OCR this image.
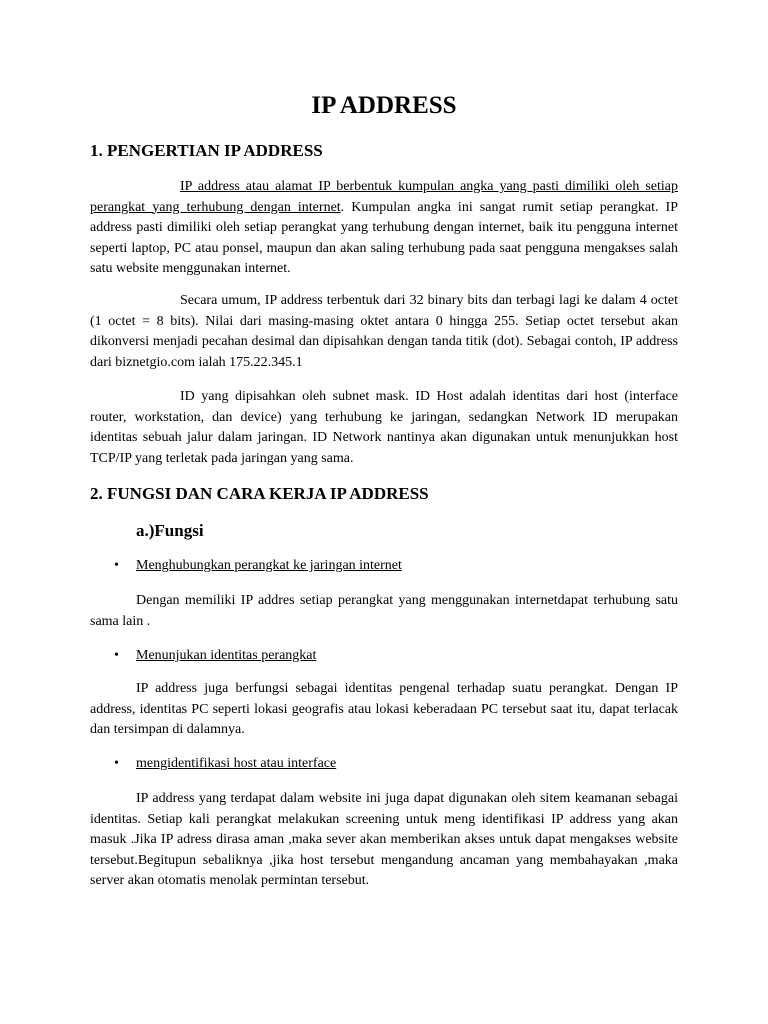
IP ADDRESS
1. PENGERTIAN IP ADDRESS

IP address atau alamat IP berbentuk kumpulan angka yang pasti dimiliki oleh setiap perangkat yang terhubung dengan internet. Kumpulan angka ini sangat rumit setiap perangkat. IP address pasti dimiliki oleh setiap perangkat yang terhubung dengan internet, baik itu pengguna internet seperti laptop, PC atau ponsel, maupun dan akan saling terhubung pada saat pengguna mengakses salah satu website menggunakan internet.

Secara umum, IP address terbentuk dari 32 binary bits dan terbagi lagi ke dalam 4 octet (1 octet = 8 bits). Nilai dari masing-masing oktet antara 0 hingga 255. Setiap octet tersebut akan dikonversi menjadi pecahan desimal dan dipisahkan dengan tanda titik (dot). Sebagai contoh, IP address dari biznetgio.com ialah 175.22.345.1

ID yang dipisahkan oleh subnet mask. ID Host adalah identitas dari host (interface router, workstation, dan device) yang terhubung ke jaringan, sedangkan Network ID merupakan identitas sebuah jalur dalam jaringan. ID Network nantinya akan digunakan untuk menunjukkan host TCP/IP yang terletak pada jaringan yang sama.

2. FUNGSI DAN CARA KERJA IP ADDRESS
a.)Fungsi
• Menghubungkan perangkat ke jaringan internet

Dengan memiliki IP addres setiap perangkat yang menggunakan internetdapat terhubung satu sama lain .

• Menunjukan identitas perangkat

IP address juga berfungsi sebagai identitas pengenal terhadap suatu perangkat. Dengan IP address, identitas PC seperti lokasi geografis atau lokasi keberadaan PC tersebut saat itu, dapat terlacak dan tersimpan di dalamnya.

• mengidentifikasi host atau interface

IP address yang terdapat dalam website ini juga dapat digunakan oleh sitem keamanan sebagai identitas. Setiap kali perangkat melakukan screening untuk meng identifikasi IP address yang akan masuk .Jika IP adress dirasa aman ,maka sever akan memberikan akses untuk dapat mengakses website tersebut.Begitupun sebaliknya ,jika host tersebut mengandung ancaman yang membahayakan ,maka server akan otomatis menolak permintan tersebut.
